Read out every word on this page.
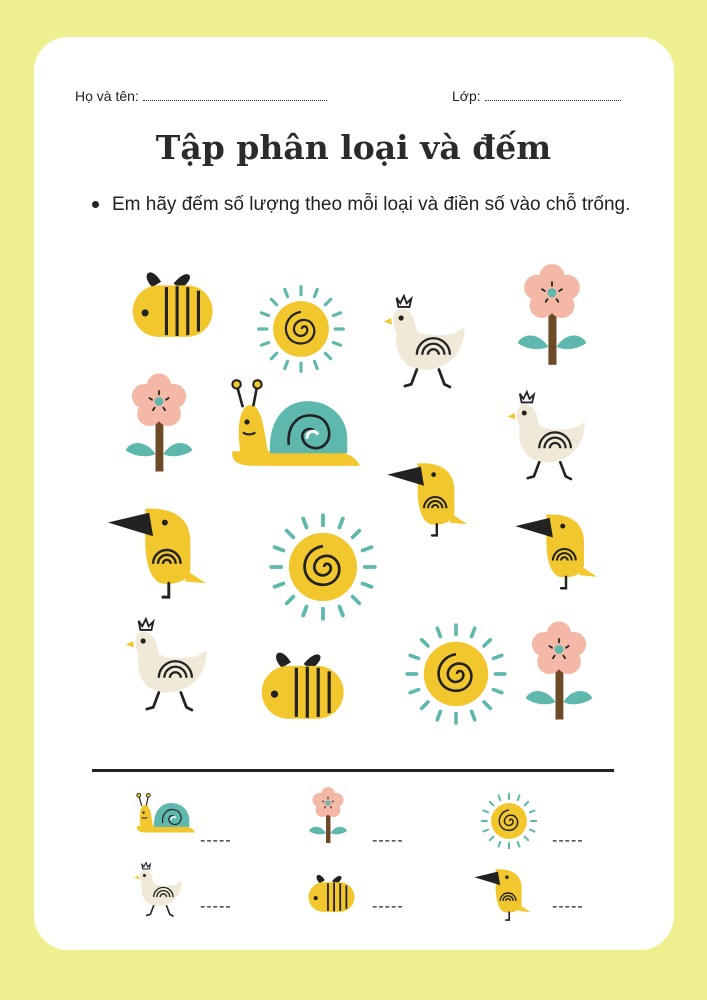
Họ và tên:	Lớp:
Tập phân loại và đếm
Em hãy đếm số lượng theo mỗi loại và điền số vào chỗ trống.
-----	-----	-----
-----	-----	-----
